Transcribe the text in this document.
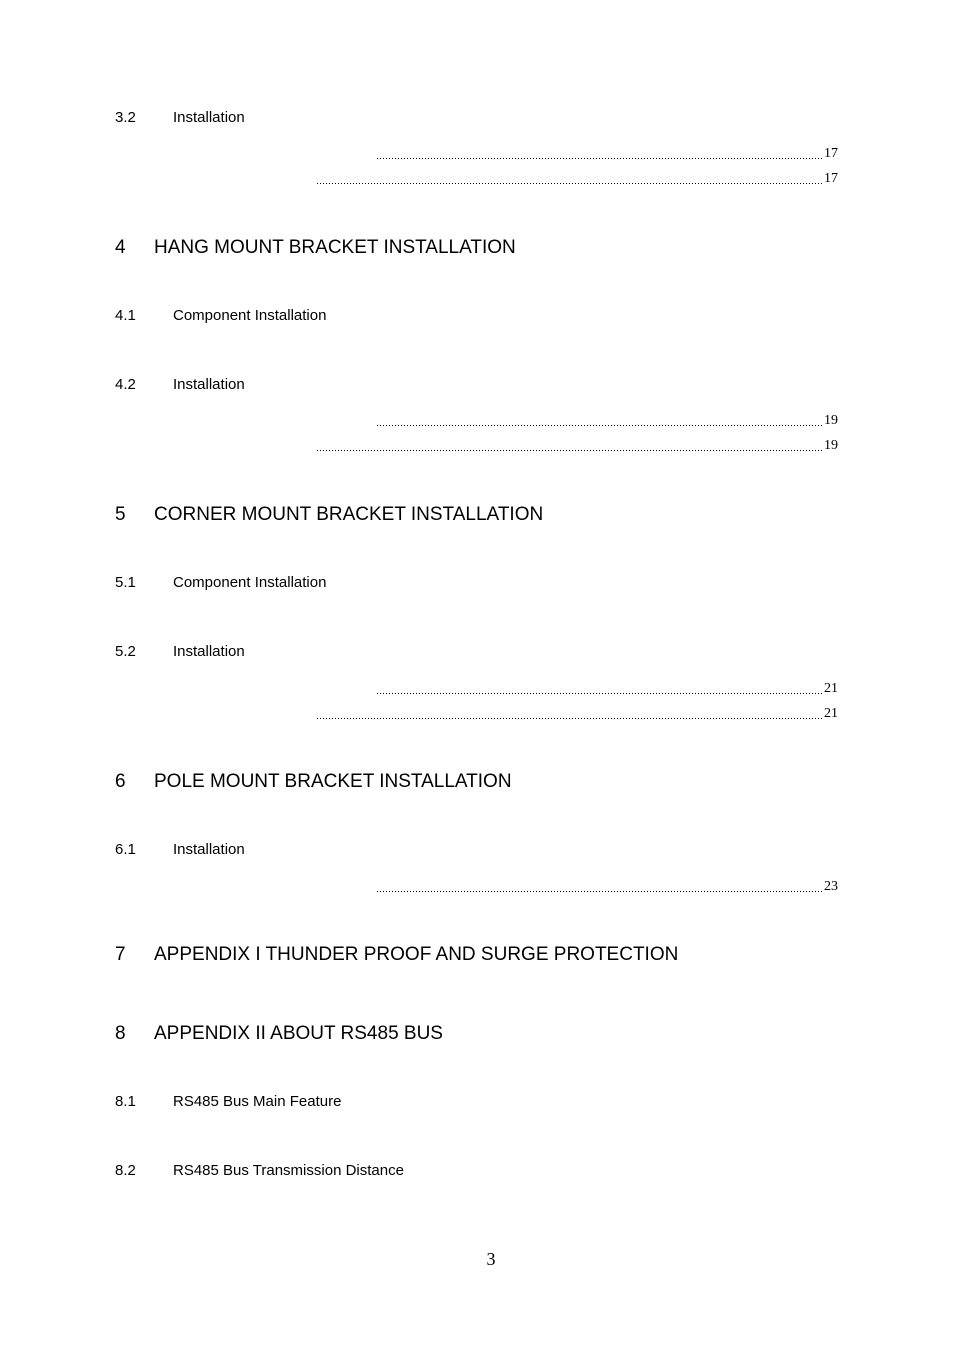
3.2 Installation
17
17
4 HANG MOUNT BRACKET INSTALLATION
4.1 Component Installation
4.2 Installation
19
19
5 CORNER MOUNT BRACKET INSTALLATION
5.1 Component Installation
5.2 Installation
21
21
6 POLE MOUNT BRACKET INSTALLATION
6.1 Installation
23
7 APPENDIX I THUNDER PROOF AND SURGE PROTECTION
8 APPENDIX II ABOUT RS485 BUS
8.1 RS485 Bus Main Feature
8.2 RS485 Bus Transmission Distance
3
